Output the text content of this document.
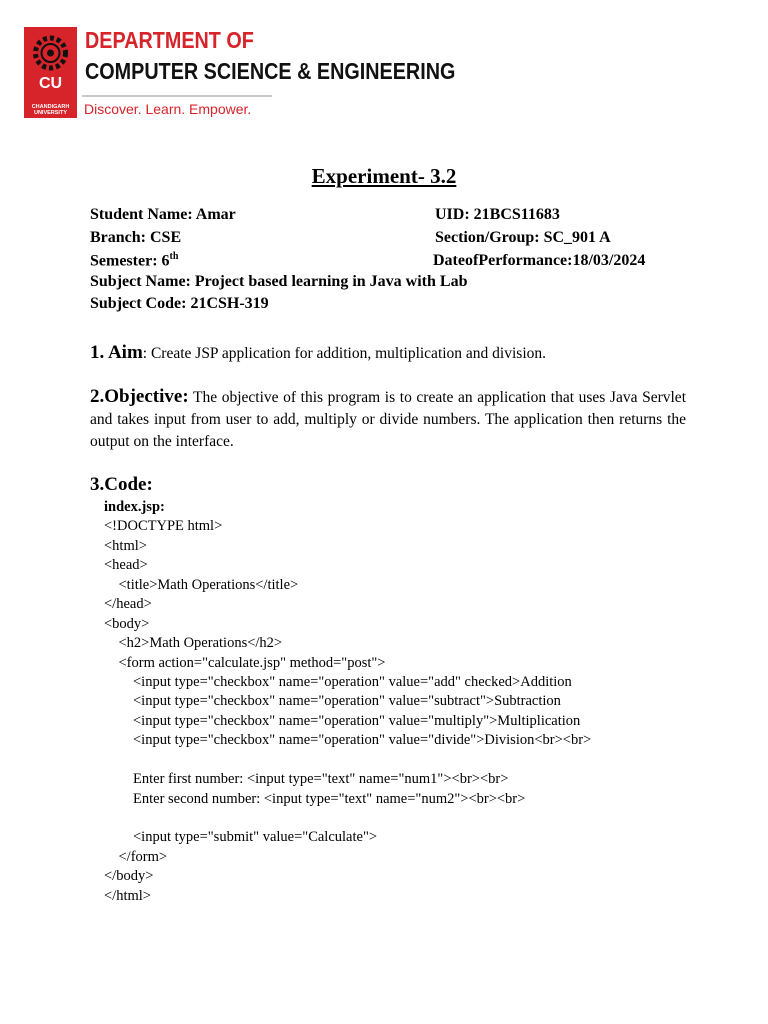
CU
CHANDIGARH UNIVERSITY
DEPARTMENT OF
COMPUTER SCIENCE & ENGINEERING
Discover. Learn. Empower.
Experiment- 3.2
Student Name: Amar	UID: 21BCS11683
Branch: CSE	Section/Group: SC_901 A
Semester: 6th	DateofPerformance:18/03/2024
Subject Name: Project based learning in Java with Lab
Subject Code: 21CSH-319
1. Aim: Create JSP application for addition, multiplication and division.
2.Objective: The objective of this program is to create an application that uses Java Servlet and takes input from user to add, multiply or divide numbers. The application then returns the output on the interface.
3.Code:
index.jsp:
<!DOCTYPE html>
<html>
<head>
<title>Math Operations</title>
</head>
<body>
<h2>Math Operations</h2>
<form action="calculate.jsp" method="post">
<input type="checkbox" name="operation" value="add" checked>Addition
<input type="checkbox" name="operation" value="subtract">Subtraction
<input type="checkbox" name="operation" value="multiply">Multiplication
<input type="checkbox" name="operation" value="divide">Division<br><br>
Enter first number: <input type="text" name="num1"><br><br>
Enter second number: <input type="text" name="num2"><br><br>
<input type="submit" value="Calculate">
</form>
</body>
</html>
